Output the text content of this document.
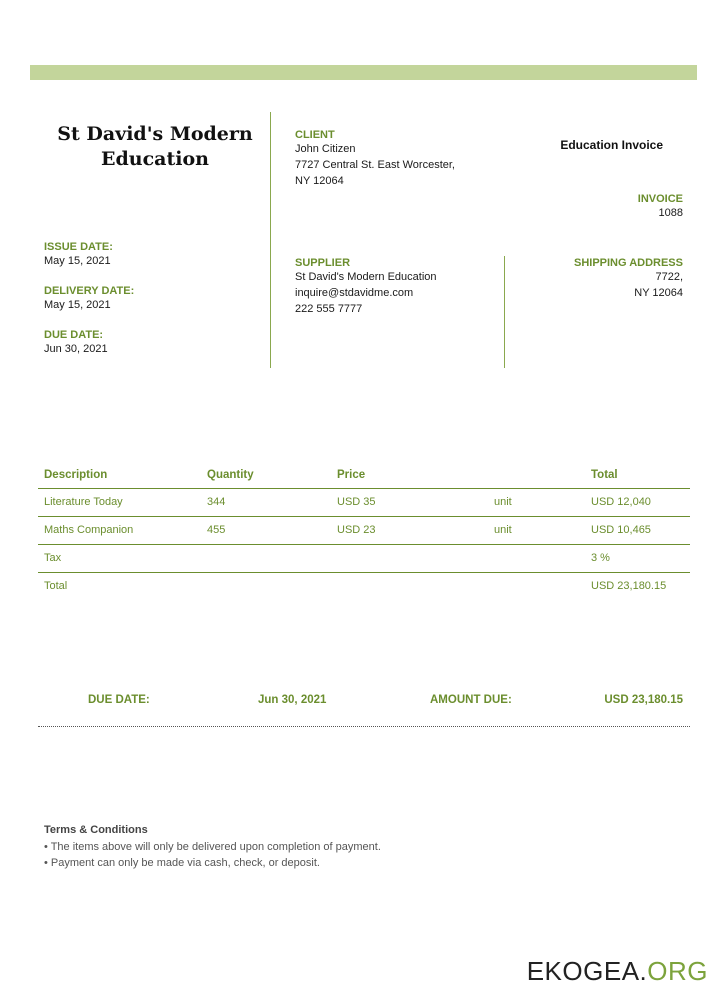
St David's Modern Education
CLIENT
John Citizen
7727 Central St. East Worcester,
NY 12064
Education Invoice
INVOICE
1088
ISSUE DATE:
May 15, 2021
DELIVERY DATE:
May 15, 2021
DUE DATE:
Jun 30, 2021
SUPPLIER
St David's Modern Education
inquire@stdavidme.com
222 555 7777
SHIPPING ADDRESS
7722,
NY 12064
Description	Quantity	Price		Total
Literature Today	344	USD 35	unit	USD 12,040
Maths Companion	455	USD 23	unit	USD 10,465
Tax				3 %
Total				USD 23,180.15
DUE DATE:	Jun 30, 2021	AMOUNT DUE:	USD 23,180.15
Terms & Conditions
• The items above will only be delivered upon completion of payment.
• Payment can only be made via cash, check, or deposit.
EKOGEA.ORG
